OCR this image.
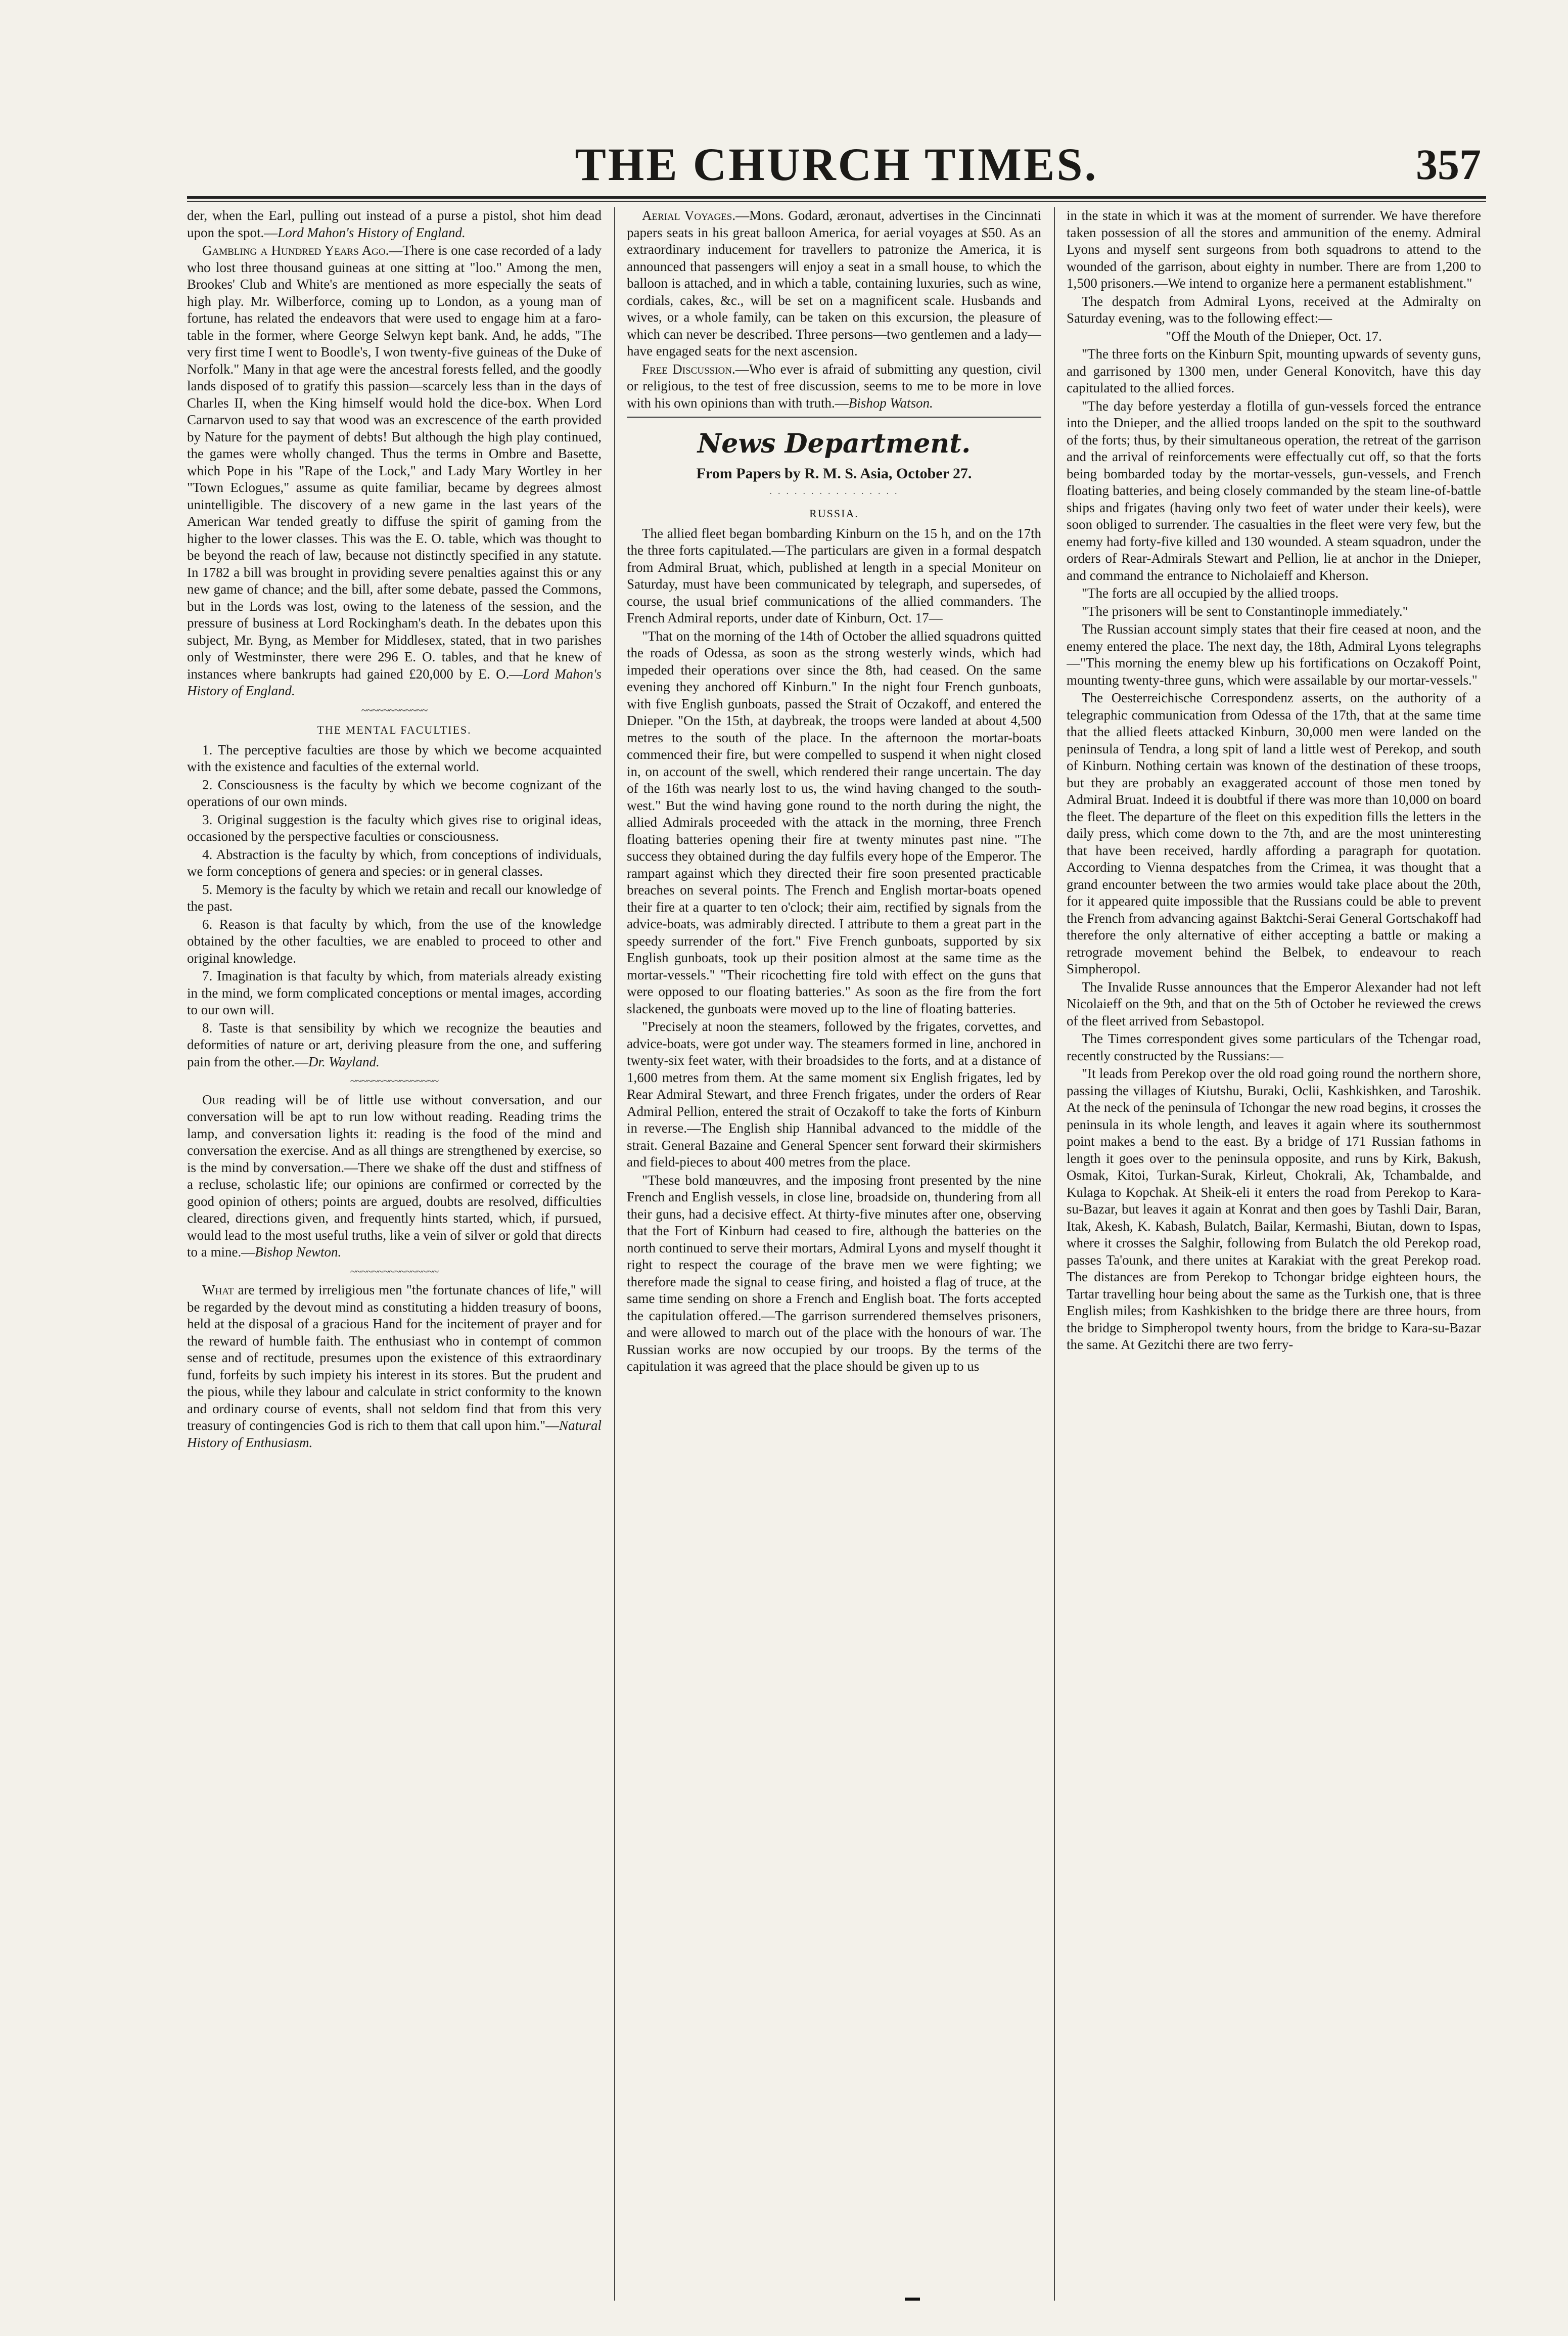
THE CHURCH TIMES.	357

der, when the Earl, pulling out instead of a purse a pistol, shot him dead upon the spot.—Lord Mahon's History of England.

Gambling a Hundred Years Ago.—There is one case recorded of a lady who lost three thousand guineas at one sitting at "loo." Among the men, Brookes' Club and White's are mentioned as more especially the seats of high play. Mr. Wilberforce, coming up to London, as a young man of fortune, has related the endeavors that were used to engage him at a faro-table in the former, where George Selwyn kept bank. And, he adds, "The very first time I went to Boodle's, I won twenty-five guineas of the Duke of Norfolk." Many in that age were the ancestral forests felled, and the goodly lands disposed of to gratify this passion—scarcely less than in the days of Charles II, when the King himself would hold the dice-box. When Lord Carnarvon used to say that wood was an excrescence of the earth provided by Nature for the payment of debts! But although the high play continued, the games were wholly changed. Thus the terms in Ombre and Basette, which Pope in his "Rape of the Lock," and Lady Mary Wortley in her "Town Eclogues," assume as quite familiar, became by degrees almost unintelligible. The discovery of a new game in the last years of the American War tended greatly to diffuse the spirit of gaming from the higher to the lower classes. This was the E. O. table, which was thought to be beyond the reach of law, because not distinctly specified in any statute. In 1782 a bill was brought in providing severe penalties against this or any new game of chance; and the bill, after some debate, passed the Commons, but in the Lords was lost, owing to the lateness of the session, and the pressure of business at Lord Rockingham's death. In the debates upon this subject, Mr. Byng, as Member for Middlesex, stated, that in two parishes only of Westminster, there were 296 E. O. tables, and that he knew of instances where bankrupts had gained £20,000 by E. O.—Lord Mahon's History of England.

~~~~~~~~~~~~
THE MENTAL FACULTIES.

1. The perceptive faculties are those by which we become acquainted with the existence and faculties of the external world.

2. Consciousness is the faculty by which we become cognizant of the operations of our own minds.

3. Original suggestion is the faculty which gives rise to original ideas, occasioned by the perspective faculties or consciousness.

4. Abstraction is the faculty by which, from conceptions of individuals, we form conceptions of genera and species: or in general classes.

5. Memory is the faculty by which we retain and recall our knowledge of the past.

6. Reason is that faculty by which, from the use of the knowledge obtained by the other faculties, we are enabled to proceed to other and original knowledge.

7. Imagination is that faculty by which, from materials already existing in the mind, we form complicated conceptions or mental images, according to our own will.

8. Taste is that sensibility by which we recognize the beauties and deformities of nature or art, deriving pleasure from the one, and suffering pain from the other.—Dr. Wayland.

~~~~~~~~~~~~~~~~

Our reading will be of little use without conversation, and our conversation will be apt to run low without reading. Reading trims the lamp, and conversation lights it: reading is the food of the mind and conversation the exercise. And as all things are strengthened by exercise, so is the mind by conversation.—There we shake off the dust and stiffness of a recluse, scholastic life; our opinions are confirmed or corrected by the good opinion of others; points are argued, doubts are resolved, difficulties cleared, directions given, and frequently hints started, which, if pursued, would lead to the most useful truths, like a vein of silver or gold that directs to a mine.—Bishop Newton.

~~~~~~~~~~~~~~~~

What are termed by irreligious men "the fortunate chances of life," will be regarded by the devout mind as constituting a hidden treasury of boons, held at the disposal of a gracious Hand for the incitement of prayer and for the reward of humble faith. The enthusiast who in contempt of common sense and of rectitude, presumes upon the existence of this extraordinary fund, forfeits by such impiety his interest in its stores. But the prudent and the pious, while they labour and calculate in strict conformity to the known and ordinary course of events, shall not seldom find that from this very treasury of contingencies God is rich to them that call upon him."—Natural History of Enthusiasm.

Aerial Voyages.—Mons. Godard, æronaut, advertises in the Cincinnati papers seats in his great balloon America, for aerial voyages at $50. As an extraordinary inducement for travellers to patronize the America, it is announced that passengers will enjoy a seat in a small house, to which the balloon is attached, and in which a table, containing luxuries, such as wine, cordials, cakes, &c., will be set on a magnificent scale. Husbands and wives, or a whole family, can be taken on this excursion, the pleasure of which can never be described. Three persons—two gentlemen and a lady—have engaged seats for the next ascension.

Free Discussion.—Who ever is afraid of submitting any question, civil or religious, to the test of free discussion, seems to me to be more in love with his own opinions than with truth.—Bishop Watson.

News Department.
From Papers by R. M. S. Asia, October 27.
· · · · · · · · · · · · · · · ·
RUSSIA.

The allied fleet began bombarding Kinburn on the 15 h, and on the 17th the three forts capitulated.—The particulars are given in a formal despatch from Admiral Bruat, which, published at length in a special Moniteur on Saturday, must have been communicated by telegraph, and supersedes, of course, the usual brief communications of the allied commanders. The French Admiral reports, under date of Kinburn, Oct. 17—

"That on the morning of the 14th of October the allied squadrons quitted the roads of Odessa, as soon as the strong westerly winds, which had impeded their operations over since the 8th, had ceased. On the same evening they anchored off Kinburn." In the night four French gunboats, with five English gunboats, passed the Strait of Oczakoff, and entered the Dnieper. "On the 15th, at daybreak, the troops were landed at about 4,500 metres to the south of the place. In the afternoon the mortar-boats commenced their fire, but were compelled to suspend it when night closed in, on account of the swell, which rendered their range uncertain. The day of the 16th was nearly lost to us, the wind having changed to the south-west." But the wind having gone round to the north during the night, the allied Admirals proceeded with the attack in the morning, three French floating batteries opening their fire at twenty minutes past nine. "The success they obtained during the day fulfils every hope of the Emperor. The rampart against which they directed their fire soon presented practicable breaches on several points. The French and English mortar-boats opened their fire at a quarter to ten o'clock; their aim, rectified by signals from the advice-boats, was admirably directed. I attribute to them a great part in the speedy surrender of the fort." Five French gunboats, supported by six English gunboats, took up their position almost at the same time as the mortar-vessels." "Their ricochetting fire told with effect on the guns that were opposed to our floating batteries." As soon as the fire from the fort slackened, the gunboats were moved up to the line of floating batteries.

"Precisely at noon the steamers, followed by the frigates, corvettes, and advice-boats, were got under way. The steamers formed in line, anchored in twenty-six feet water, with their broadsides to the forts, and at a distance of 1,600 metres from them. At the same moment six English frigates, led by Rear Admiral Stewart, and three French frigates, under the orders of Rear Admiral Pellion, entered the strait of Oczakoff to take the forts of Kinburn in reverse.—The English ship Hannibal advanced to the middle of the strait. General Bazaine and General Spencer sent forward their skirmishers and field-pieces to about 400 metres from the place.

"These bold manœuvres, and the imposing front presented by the nine French and English vessels, in close line, broadside on, thundering from all their guns, had a decisive effect. At thirty-five minutes after one, observing that the Fort of Kinburn had ceased to fire, although the batteries on the north continued to serve their mortars, Admiral Lyons and myself thought it right to respect the courage of the brave men we were fighting; we therefore made the signal to cease firing, and hoisted a flag of truce, at the same time sending on shore a French and English boat. The forts accepted the capitulation offered.—The garrison surrendered themselves prisoners, and were allowed to march out of the place with the honours of war. The Russian works are now occupied by our troops. By the terms of the capitulation it was agreed that the place should be given up to us

in the state in which it was at the moment of surrender. We have therefore taken possession of all the stores and ammunition of the enemy. Admiral Lyons and myself sent surgeons from both squadrons to attend to the wounded of the garrison, about eighty in number. There are from 1,200 to 1,500 prisoners.—We intend to organize here a permanent establishment."

The despatch from Admiral Lyons, received at the Admiralty on Saturday evening, was to the following effect:—

"Off the Mouth of the Dnieper, Oct. 17.

"The three forts on the Kinburn Spit, mounting upwards of seventy guns, and garrisoned by 1300 men, under General Konovitch, have this day capitulated to the allied forces.

"The day before yesterday a flotilla of gun-vessels forced the entrance into the Dnieper, and the allied troops landed on the spit to the southward of the forts; thus, by their simultaneous operation, the retreat of the garrison and the arrival of reinforcements were effectually cut off, so that the forts being bombarded today by the mortar-vessels, gun-vessels, and French floating batteries, and being closely commanded by the steam line-of-battle ships and frigates (having only two feet of water under their keels), were soon obliged to surrender. The casualties in the fleet were very few, but the enemy had forty-five killed and 130 wounded. A steam squadron, under the orders of Rear-Admirals Stewart and Pellion, lie at anchor in the Dnieper, and command the entrance to Nicholaieff and Kherson.

"The forts are all occupied by the allied troops.

"The prisoners will be sent to Constantinople immediately."

The Russian account simply states that their fire ceased at noon, and the enemy entered the place. The next day, the 18th, Admiral Lyons telegraphs—"This morning the enemy blew up his fortifications on Oczakoff Point, mounting twenty-three guns, which were assailable by our mortar-vessels."

The Oesterreichische Correspondenz asserts, on the authority of a telegraphic communication from Odessa of the 17th, that at the same time that the allied fleets attacked Kinburn, 30,000 men were landed on the peninsula of Tendra, a long spit of land a little west of Perekop, and south of Kinburn. Nothing certain was known of the destination of these troops, but they are probably an exaggerated account of those men toned by Admiral Bruat. Indeed it is doubtful if there was more than 10,000 on board the fleet. The departure of the fleet on this expedition fills the letters in the daily press, which come down to the 7th, and are the most uninteresting that have been received, hardly affording a paragraph for quotation. According to Vienna despatches from the Crimea, it was thought that a grand encounter between the two armies would take place about the 20th, for it appeared quite impossible that the Russians could be able to prevent the French from advancing against Baktchi-Serai General Gortschakoff had therefore the only alternative of either accepting a battle or making a retrograde movement behind the Belbek, to endeavour to reach Simpheropol.

The Invalide Russe announces that the Emperor Alexander had not left Nicolaieff on the 9th, and that on the 5th of October he reviewed the crews of the fleet arrived from Sebastopol.

The Times correspondent gives some particulars of the Tchengar road, recently constructed by the Russians:—

"It leads from Perekop over the old road going round the northern shore, passing the villages of Kiutshu, Buraki, Oclii, Kashkishken, and Taroshik. At the neck of the peninsula of Tchongar the new road begins, it crosses the peninsula in its whole length, and leaves it again where its southernmost point makes a bend to the east. By a bridge of 171 Russian fathoms in length it goes over to the peninsula opposite, and runs by Kirk, Bakush, Osmak, Kitoi, Turkan-Surak, Kirleut, Chokrali, Ak, Tchambalde, and Kulaga to Kopchak. At Sheik-eli it enters the road from Perekop to Kara-su-Bazar, but leaves it again at Konrat and then goes by Tashli Dair, Baran, Itak, Akesh, K. Kabash, Bulatch, Bailar, Kermashi, Biutan, down to Ispas, where it crosses the Salghir, following from Bulatch the old Perekop road, passes Ta'ounk, and there unites at Karakiat with the great Perekop road. The distances are from Perekop to Tchongar bridge eighteen hours, the Tartar travelling hour being about the same as the Turkish one, that is three English miles; from Kashkishken to the bridge there are three hours, from the bridge to Simpheropol twenty hours, from the bridge to Kara-su-Bazar the same. At Gezitchi there are two ferry-
